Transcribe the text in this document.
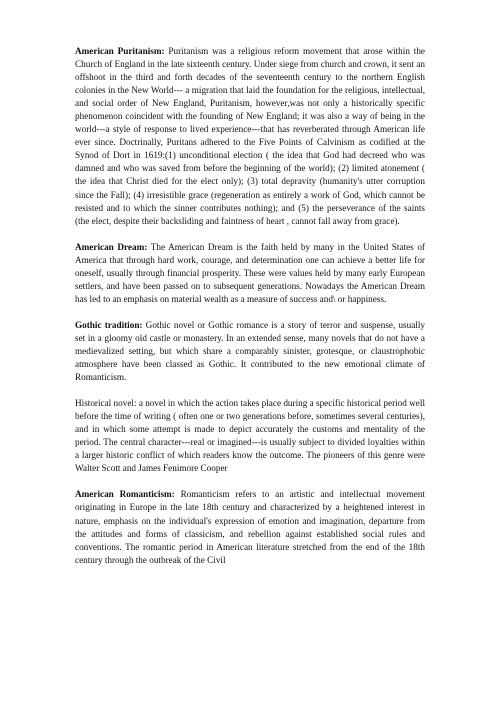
American Puritanism: Puritanism was a religious reform movement that arose within the Church of England in the late sixteenth century. Under siege from church and crown, it sent an offshoot in the third and forth decades of the seventeenth century to the northern English colonies in the New World--- a migration that laid the foundation for the religious, intellectual, and social order of New England, Puritanism, however,was not only a historically specific phenomenon coincident with the founding of New England; it was also a way of being in the world---a style of response to lived experience---that has reverberated through American life ever since. Doctrinally, Puritans adhered to the Five Points of Calvinism as codified at the Synod of Dort in 1619:(1) unconditional election ( the idea that God had decreed who was damned and who was saved from before the beginning of the world); (2) limited atonement ( the idea that Christ died for the elect only); (3) total depravity (humanity's utter corruption since the Fall); (4) irresistible grace (regeneration as entirely a work of God, which cannot be resisted and to which the sinner contributes nothing); and (5) the perseverance of the saints (the elect, despite their backsliding and faintness of heart , cannot fall away from grace).

American Dream: The American Dream is the faith held by many in the United States of America that through hard work, courage, and determination one can achieve a better life for oneself, usually through financial prosperity. These were values held by many early European settlers, and have been passed on to subsequent generations. Nowadays the American Dream has led to an emphasis on material wealth as a measure of success and\ or happiness.

Gothic tradition: Gothic novel or Gothic romance is a story of terror and suspense, usually set in a gloomy old castle or monastery. In an extended sense, many novels that do not have a medievalized setting, but which share a comparably sinister, grotesque, or claustrophobic atmosphere have been classed as Gothic. It contributed to the new emotional climate of Romanticism.

Historical novel: a novel in which the action takes place during a specific historical period well before the time of writing ( often one or two generations before, sometimes several centuries), and in which some attempt is made to depict accurately the customs and mentality of the period. The central character---real or imagined---is usually subject to divided loyalties within a larger historic conflict of which readers know the outcome. The pioneers of this genre were Walter Scott and James Fenimore Cooper

American Romanticism: Romanticism refers to an artistic and intellectual movement originating in Europe in the late 18th century and characterized by a heightened interest in nature, emphasis on the individual's expression of emotion and imagination, departure from the attitudes and forms of classicism, and rebellion against established social rules and conventions. The romantic period in American literature stretched from the end of the 18th century through the outbreak of the Civil
